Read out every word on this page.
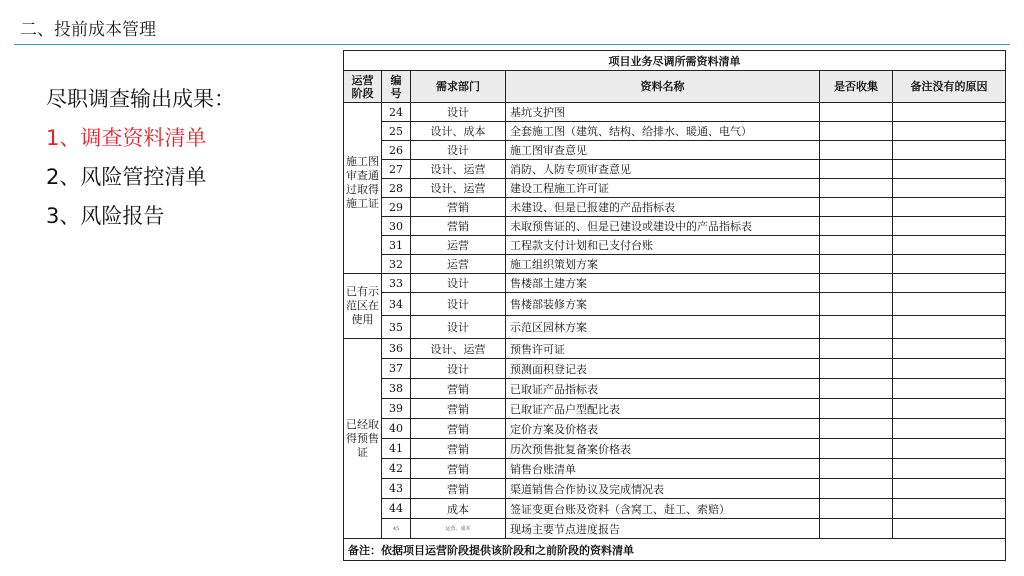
二、投前成本管理
尽职调查输出成果：
1、调查资料清单
2、风险管控清单
3、风险报告
项目业务尽调所需资料清单					
运营阶段	编号	需求部门	资料名称	是否收集	备注没有的原因
施工图审查通过取得施工证	24	设计	基坑支护图		
	25	设计、成本	全套施工图（建筑、结构、给排水、暖通、电气）		
	26	设计	施工图审查意见		
	27	设计、运营	消防、人防专项审查意见		
	28	设计、运营	建设工程施工许可证		
	29	营销	未建设、但是已报建的产品指标表		
	30	营销	未取预售证的、但是已建设或建设中的产品指标表		
	31	运营	工程款支付计划和已支付台账		
	32	运营	施工组织策划方案		
已有示范区在使用	33	设计	售楼部土建方案		
	34	设计	售楼部装修方案		
	35	设计	示范区园林方案		
已经取得预售证	36	设计、运营	预售许可证		
	37	设计	预测面积登记表		
	38	营销	已取证产品指标表		
	39	营销	已取证产品户型配比表		
	40	营销	定价方案及价格表		
	41	营销	历次预售批复备案价格表		
	42	营销	销售台账清单		
	43	营销	渠道销售合作协议及完成情况表		
	44	成本	签证变更台账及资料（含窝工、赶工、索赔）		
	45	运营、成本	现场主要节点进度报告		
备注：依据项目运营阶段提供该阶段和之前阶段的资料清单					
